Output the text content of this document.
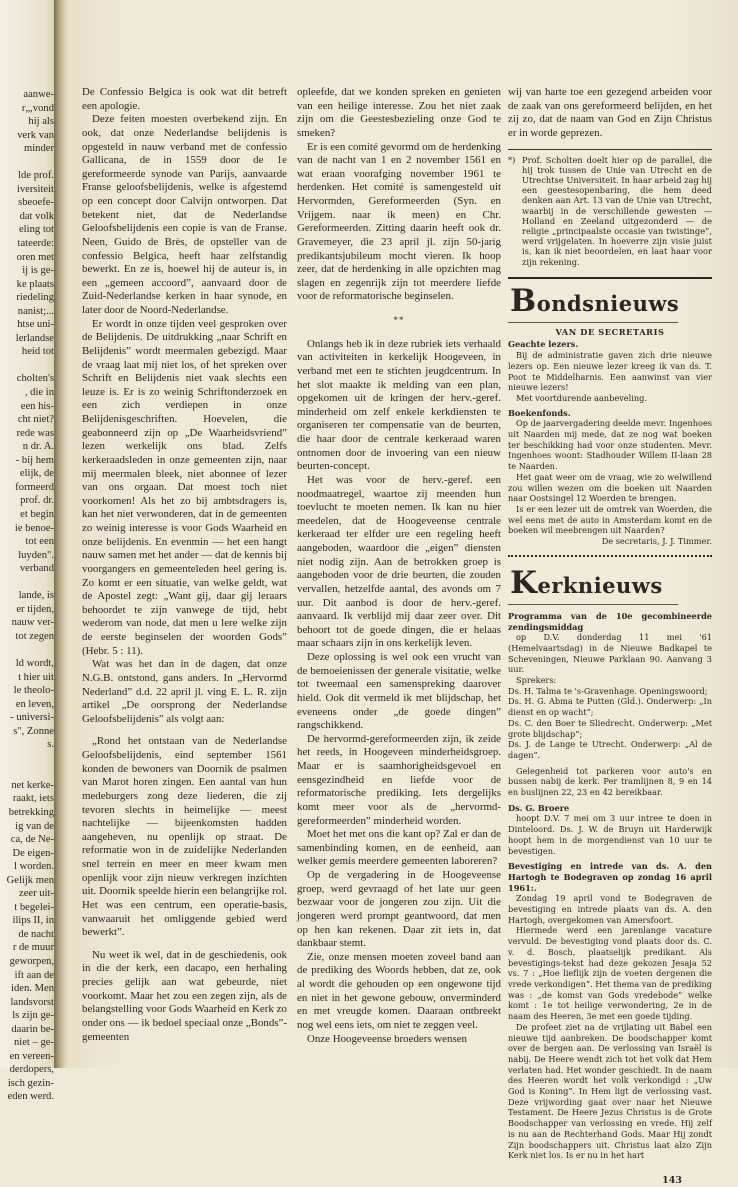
aanwe-
r„,vond
hij als
verk van
minder
lde prof.
iversiteit
sbeoefe-
dat volk
eling tot
tateerde:
oren met
ij is ge-
ke plaats
riedeling
nanist;...
htse uni-
lerlandse
heid tot
cholten's
, die in
een his-
cht niet?
rede was
n dr. A.
- bij hem
elijk, de
formeerd
prof. dr.
et begin
ie benoe-
tot een
luyden".
verband
lande, is
er tijden,
nauw ver-
tot zegen
ld wordt,
t hier uit
le theolo-
en leven,
- universi-
s", Zonne
s.
net kerke-
raakt, iets
betrekking
ig van de
ca, de Ne-
De eigen-
l worden.
Gelijk men
zeer uit-
t begelei-
ilips II, in
de nacht
r de muur
geworpen,
ift aan de
iden. Men
landsvorst
ls zijn ge-
daarin be-
niet – ge-
en vereen-
derdopers,
isch gezin-
eden werd.

De Confessio Belgica is ook wat dit betreft een apologie.

Deze feiten moesten overbekend zijn. En ook, dat onze Nederlandse belijdenis is opgesteld in nauw verband met de confessio Gallicana, de in 1559 door de 1e gereformeerde synode van Parijs, aanvaarde Franse geloofsbelijdenis, welke is afgestemd op een concept door Calvijn ontworpen. Dat betekent niet, dat de Nederlandse Geloofsbelijdenis een copie is van de Franse. Neen, Guido de Brès, de opsteller van de confessio Belgica, heeft haar zelfstandig bewerkt. En ze is, hoewel hij de auteur is, in een „gemeen accoord”, aanvaard door de Zuid-Nederlandse kerken in haar synode, en later door de Noord-Nederlandse.

Er wordt in onze tijden veel gesproken over de Belijdenis. De uitdrukking „naar Schrift en Belijdenis” wordt meermalen gebezigd. Maar de vraag laat mij niet los, of het spreken over Schrift en Belijdenis niet vaak slechts een leuze is. Er is zo weinig Schriftonderzoek en een zich verdiepen in onze Belijdenisgeschriften. Hoevelen, die geabonneerd zijn op „De Waarheidsvriend” lezen werkelijk ons blad. Zelfs kerkeraadsleden in onze gemeenten zijn, naar mij meermalen bleek, niet abonnee of lezer van ons orgaan. Dat moest toch niet voorkomen! Als het zo bij ambtsdragers is, kan het niet verwonderen, dat in de gemeenten zo weinig interesse is voor Gods Waarheid en onze belijdenis. En evenmin — het een hangt nauw samen met het ander — dat de kennis bij voorgangers en gemeenteleden heel gering is. Zo komt er een situatie, van welke geldt, wat de Apostel zegt: „Want gij, daar gij leraars behoordet te zijn vanwege de tijd, hebt wederom van node, dat men u lere welke zijn de eerste beginselen der woorden Gods” (Hebr. 5 : 11).

Wat was het dan in de dagen, dat onze N.G.B. ontstond, gans anders. In „Hervormd Nederland” d.d. 22 april jl. ving E. L. R. zijn artikel „De oorsprong der Nederlandse Geloofsbelijdenis” als volgt aan:

„Rond het ontstaan van de Nederlandse Geloofsbelijdenis, eind september 1561 konden de bewoners van Doornik de psalmen van Marot horen zingen. Een aantal van hun medeburgers zong deze liederen, die zij tevoren slechts in heimelijke — meest nachtelijke — bijeenkomsten hadden aangeheven, nu openlijk op straat. De reformatie won in de zuidelijke Nederlanden snel terrein en meer en meer kwam men openlijk voor zijn nieuw verkregen inzichten uit. Doornik speelde hierin een belangrijke rol. Het was een centrum, een operatie-basis, vanwaaruit het omliggende gebied werd bewerkt”.

Nu weet ik wel, dat in de geschiedenis, ook in die der kerk, een dacapo, een herhaling precies gelijk aan wat gebeurde, niet voorkomt. Maar het zou een zegen zijn, als de belangstelling voor Gods Waarheid en Kerk zo onder ons — ik bedoel speciaal onze „Bonds”-gemeenten

opleefde, dat we konden spreken en genieten van een heilige interesse. Zou het niet zaak zijn om die Geestesbezieling onze God te smeken?

Er is een comité gevormd om de herdenking van de nacht van 1 en 2 november 1561 en wat eraan voorafging november 1961 te herdenken. Het comité is samengesteld uit Hervormden, Gereformeerden (Syn. en Vrijgem. naar ik meen) en Chr. Gereformeerden. Zitting daarin heeft ook dr. Gravemeyer, die 23 april jl. zijn 50-jarig predikantsjubileum mocht vieren. Ik hoop zeer, dat de herdenking in alle opzichten mag slagen en zegenrijk zijn tot meerdere liefde voor de reformatorische beginselen.

**

Onlangs heb ik in deze rubriek iets verhaald van activiteiten in kerkelijk Hoogeveen, in verband met een te stichten jeugdcentrum. In het slot maakte ik melding van een plan, opgekomen uit de kringen der herv.-geref. minderheid om zelf enkele kerkdiensten te organiseren ter compensatie van de beurten, die haar door de centrale kerkeraad waren ontnomen door de invoering van een nieuw beurten-concept.

Het was voor de herv.-geref. een noodmaatregel, waartoe zij meenden hun toevlucht te moeten nemen. Ik kan nu hier meedelen, dat de Hoogeveense centrale kerkeraad ter elfder ure een regeling heeft aangeboden, waardoor die „eigen” diensten niet nodig zijn. Aan de betrokken groep is aangeboden voor de drie beurten, die zouden vervallen, hetzelfde aantal, des avonds om 7 uur. Dit aanbod is door de herv.-geref. aanvaard. Ik verblijd mij daar zeer over. Dit behoort tot de goede dingen, die er helaas maar schaars zijn in ons kerkelijk leven.

Deze oplossing is wel ook een vrucht van de bemoeienissen der generale visitatie, welke tot tweemaal een samenspreking daarover hield. Ook dit vermeld ik met blijdschap, het eveneens onder „de goede dingen” rangschikkend.

De hervormd-gereformeerden zijn, ik zeide het reeds, in Hoogeveen minderheidsgroep. Maar er is saamhorigheidsgevoel en eensgezindheid en liefde voor de reformatorische prediking. Iets dergelijks komt meer voor als de „hervormd-gereformeerden” minderheid worden.

Moet het met ons die kant op? Zal er dan de samenbinding komen, en de eenheid, aan welker gemis meerdere gemeenten laboreren?

Op de vergadering in de Hoogeveense groep, werd gevraagd of het late uur geen bezwaar voor de jongeren zou zijn. Uit die jongeren werd prompt geantwoord, dat men op hen kan rekenen. Daar zit iets in, dat dankbaar stemt.

Zie, onze mensen moeten zoveel band aan de prediking des Woords hebben, dat ze, ook al wordt die gehouden op een ongewone tijd en niet in het gewone gebouw, onverminderd en met vreugde komen. Daaraan ontbreekt nog wel eens iets, om niet te zeggen veel.

Onze Hoogeveense broeders wensen

wij van harte toe een gezegend arbeiden voor de zaak van ons gereformeerd belijden, en het zij zo, dat de naam van God en Zijn Christus er in worde geprezen.

*) Prof. Scholten doelt hier op de parallel, die hij trok tussen de Unie van Utrecht en de Utrechtse Universiteit. In haar arbeid zag hij een geestesopenbaring, die hem deed denken aan Art. 13 van de Unie van Utrecht, waarbij in de verschillende gewesten — Holland en Zeeland uitgezonderd — de religie „principaalste occasie van twistinge”, werd vrijgelaten. In hoeverre zijn visie juist is, kan ik niet beoordelen, en laat haar voor zijn rekening.
Bondsnieuws

VAN DE SECRETARIS

Geachte lezers.

Bij de administratie gaven zich drie nieuwe lezers op. Een nieuwe lezer kreeg ik van ds. T. Poot te Middelharnis. Een aanwinst van vier nieuwe lezers!

Met voortdurende aanbeveling.

Boekenfonds.

Op de jaarvergadering deelde mevr. Ingenhoes uit Naarden mij mede, dat ze nog wat boeken ter beschikking had voor onze studenten. Mevr. Ingenhoes woont: Stadhouder Willem II-laan 28 te Naarden.

Het gaat weer om de vraag, wie zo welwillend zou willen wezen om die boeken uit Naarden naar Oostsingel 12 Woerden te brengen.

Is er een lezer uit de omtrek van Woerden, die wel eens met de auto in Amsterdam komt en de boeken wil meebrengen uit Naarden?

De secretaris, J. J. Timmer.

Kerknieuws

Programma van de 10e gecombineerde zendingsmiddag

op D.V. donderdag 11 mei '61 (Hemelvaartsdag) in de Nieuwe Badkapel te Scheveningen, Nieuwe Parklaan 90. Aanvang 3 uur.

Sprekers:

Ds. H. Talma te 's-Gravenhage. Openingswoord;

Ds. H. G. Abma te Putten (Gld.). Onderwerp: „In dienst en op wacht”;

Ds. C. den Boer te Sliedrecht. Onderwerp: „Met grote blijdschap”;

Ds. J. de Lange te Utrecht. Onderwerp: „Al de dagen”.

Gelegenheid tot parkeren voor auto's en bussen nabij de kerk. Per tramlijnen 8, 9 en 14 en buslijnen 22, 23 en 42 bereikbaar.

Ds. G. Broere

hoopt D.V. 7 mei om 3 uur intree te doen in Dinteloord. Ds. J. W. de Bruyn uit Harderwijk hoopt hem in de morgendienst van 10 uur te bevestigen.

Bevestiging en intrede van ds. A. den Hartogh te Bodegraven op zondag 16 april 1961:.

Zondag 19 april vond te Bodegraven de bevestiging en intrede plaats van ds. A. den Hartogh, overgekomen van Amersfoort.

Hiermede werd een jarenlange vacature vervuld. De bevestiging vond plaats door ds. C. v. d. Bosch, plaatselijk predikant. Als bevestigings-tekst had deze gekozen Jesaja 52 vs. 7 : „Hoe lieflijk zijn de voeten dergenen die vrede verkondigen”. Het thema van de prediking was : „de komst van Gods vredebode” welke komt : 1e tot heilige verwondering, 2e in de naam des Heeren, 3e met een goede tijding.

De profeet ziet na de vrijlating uit Babel een nieuwe tijd aanbreken. De boodschapper komt over de bergen aan. De verlossing van Israël is nabij. De Heere wendt zich tot het volk dat Hem verlaten had. Het wonder geschiedt. In de naam des Heeren wordt het volk verkondigd : „Uw God is Koning”. In Hem ligt de verlossing vast. Deze vrijwording gaat over naar het Nieuwe Testament. De Heere Jezus Christus is de Grote Boodschapper van verlossing en vrede. Hij zelf is nu aan de Rechterhand Gods. Maar Hij zondt Zijn boodschappers uit. Christus laat alzo Zijn Kerk niet los. Is er nu in het hart

143
